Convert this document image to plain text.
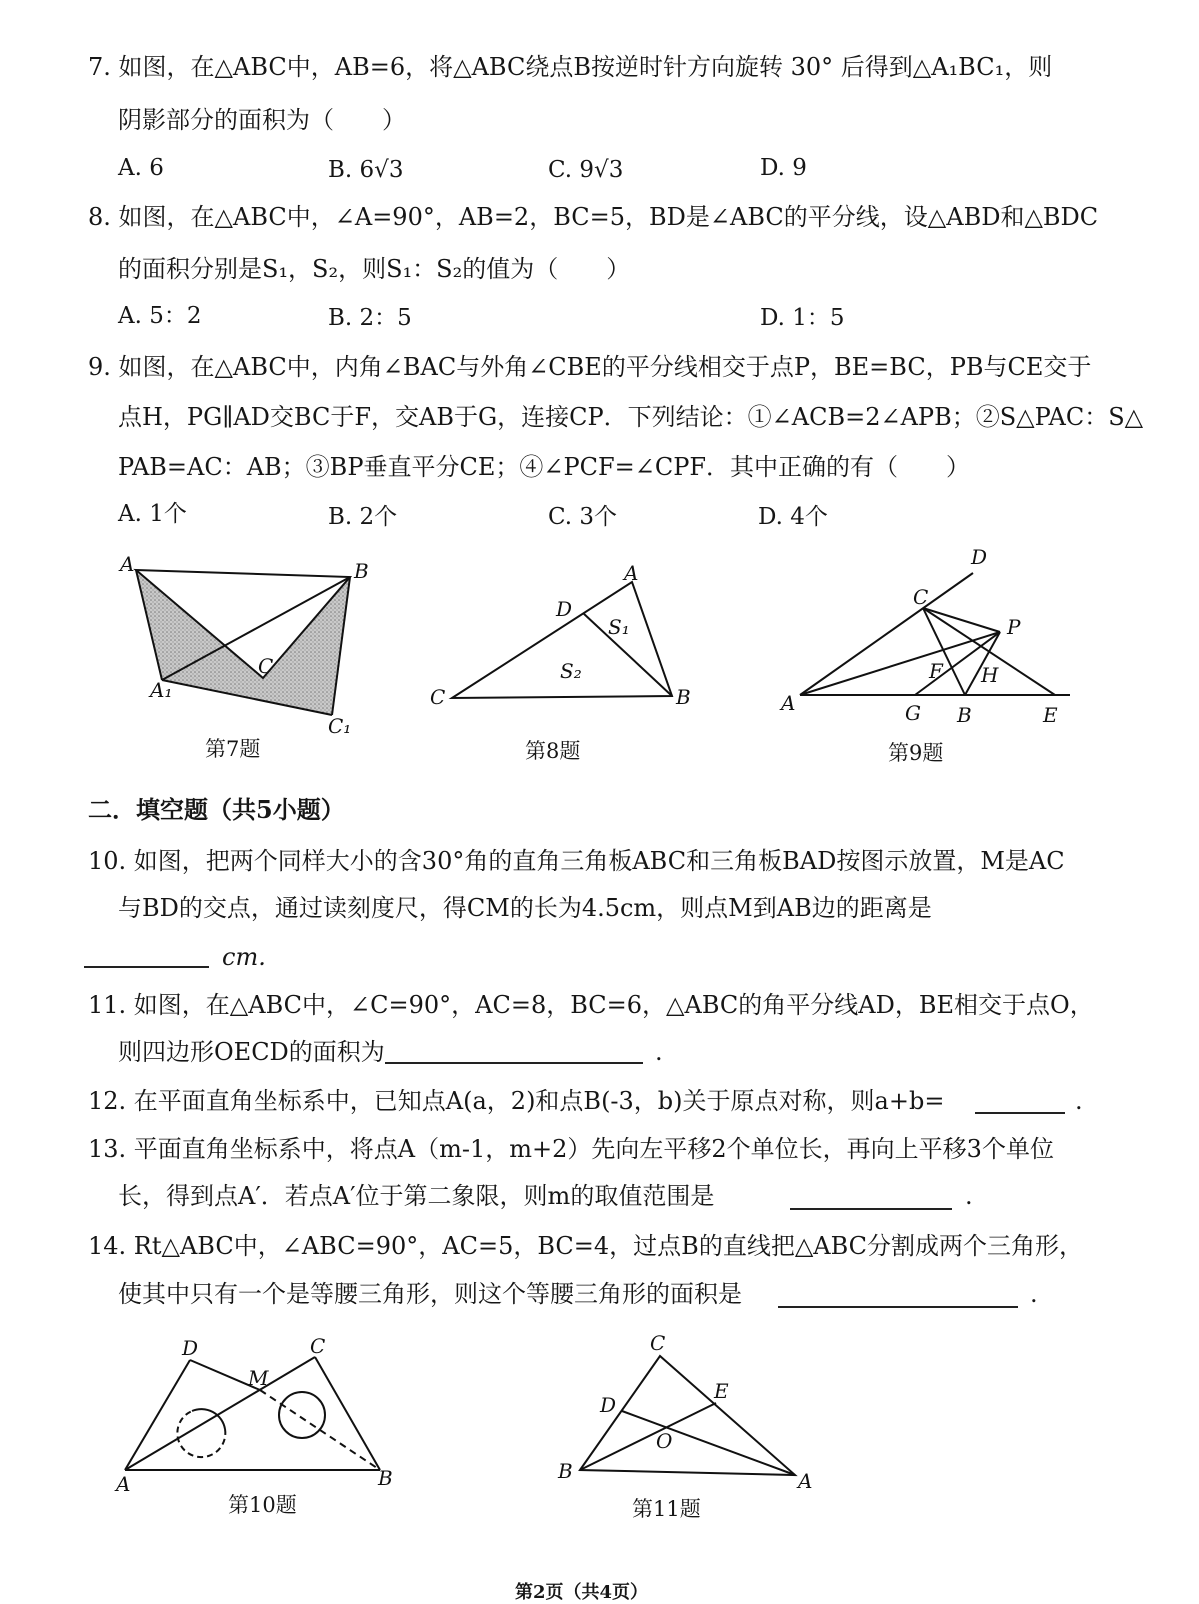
7. 如图，在△ABC中，AB=6，将△ABC绕点B按逆时针方向旋转 30° 后得到△A₁BC₁，则
阴影部分的面积为（　　）
A. 6	B. 6√3	C. 9√3	D. 9
8. 如图，在△ABC中，∠A=90°，AB=2，BC=5，BD是∠ABC的平分线，设△ABD和△BDC
的面积分别是S₁，S₂，则S₁：S₂的值为（　　）
A. 5：2	B. 2：5	D. 1：5
9. 如图，在△ABC中，内角∠BAC与外角∠CBE的平分线相交于点P，BE=BC，PB与CE交于
点H，PG∥AD交BC于F，交AB于G，连接CP．下列结论：①∠ACB=2∠APB；②S△PAC：S△
PAB=AC：AB；③BP垂直平分CE；④∠PCF=∠CPF．其中正确的有（　　）
A. 1个	B. 2个	C. 3个	D. 4个
A	B
C
A₁
C₁
第7题
A
B
C
D
S₁
S₂
第8题
D
C
P
F H
A	G B	E
第9题
二．填空题（共5小题）
10. 如图，把两个同样大小的含30°角的直角三角板ABC和三角板BAD按图示放置，M是AC
与BD的交点，通过读刻度尺，得CM的长为4.5cm，则点M到AB边的距离是
cm.
11. 如图，在△ABC中，∠C=90°，AC=8，BC=6，△ABC的角平分线AD，BE相交于点O，
则四边形OECD的面积为	.
12. 在平面直角坐标系中，已知点A(a，2)和点B(-3，b)关于原点对称，则a+b=	.
13. 平面直角坐标系中，将点A（m-1，m+2）先向左平移2个单位长，再向上平移3个单位
长，得到点A′．若点A′位于第二象限，则m的取值范围是	.
14. Rt△ABC中，∠ABC=90°，AC=5，BC=4，过点B的直线把△ABC分割成两个三角形，
使其中只有一个是等腰三角形，则这个等腰三角形的面积是	.
D	C
M
A	B
第10题
C
D
E
O
B	A
第11题
第2页（共4页）
